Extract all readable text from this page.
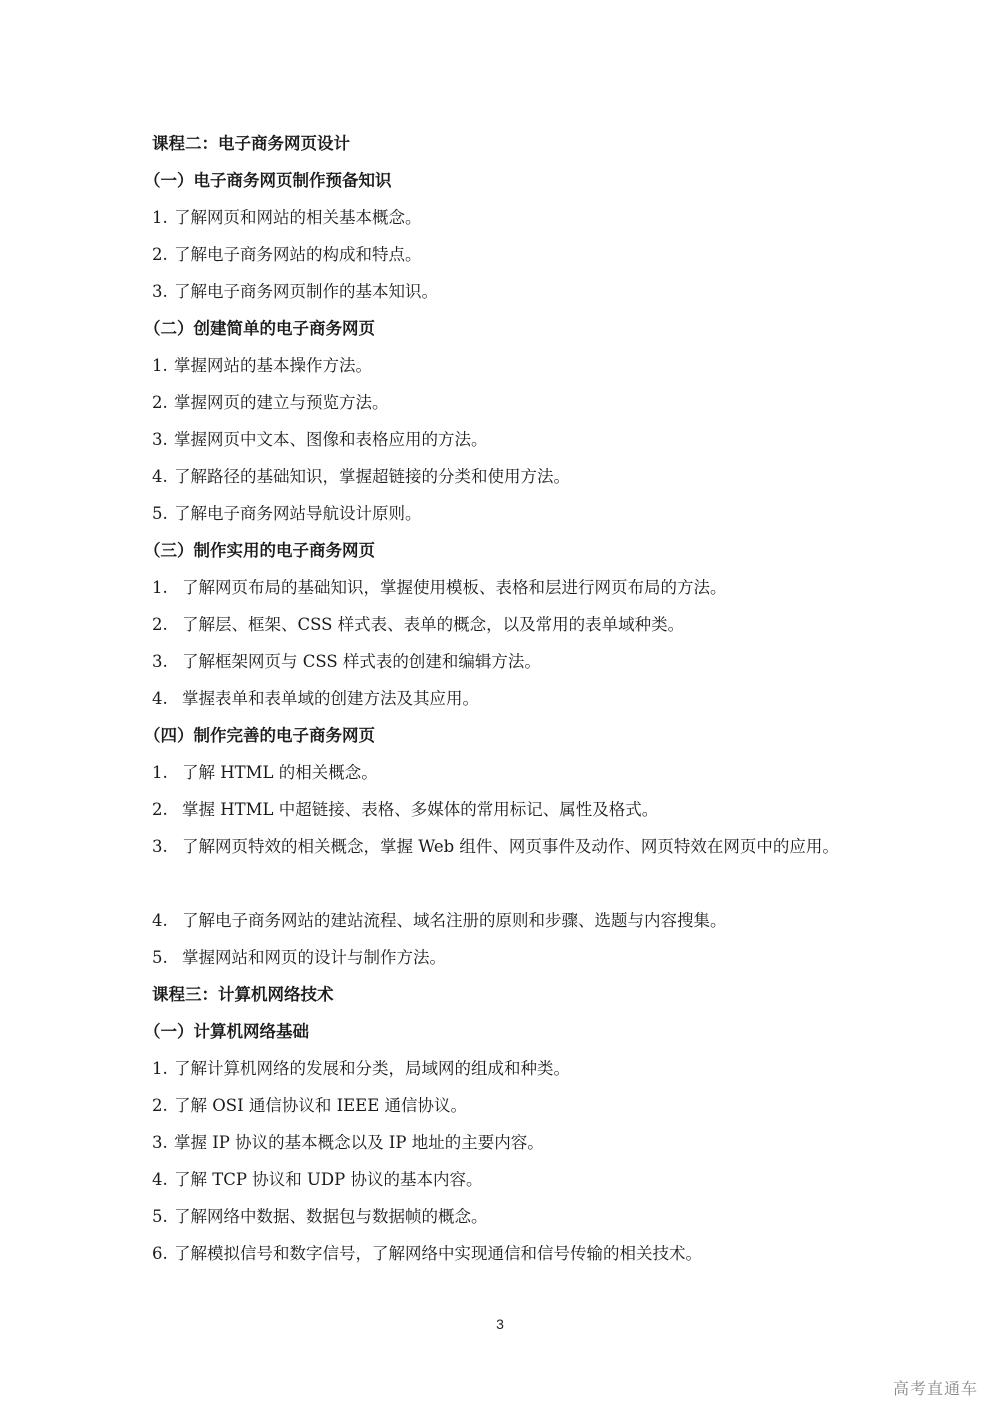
课程二：电子商务网页设计
（一）电子商务网页制作预备知识
1. 了解网页和网站的相关基本概念。
2. 了解电子商务网站的构成和特点。
3. 了解电子商务网页制作的基本知识。
（二）创建简单的电子商务网页
1. 掌握网站的基本操作方法。
2. 掌握网页的建立与预览方法。
3. 掌握网页中文本、图像和表格应用的方法。
4. 了解路径的基础知识，掌握超链接的分类和使用方法。
5. 了解电子商务网站导航设计原则。
（三）制作实用的电子商务网页
1. 了解网页布局的基础知识，掌握使用模板、表格和层进行网页布局的方法。
2. 了解层、框架、CSS 样式表、表单的概念，以及常用的表单域种类。
3. 了解框架网页与 CSS 样式表的创建和编辑方法。
4. 掌握表单和表单域的创建方法及其应用。
（四）制作完善的电子商务网页
1. 了解 HTML 的相关概念。
2. 掌握 HTML 中超链接、表格、多媒体的常用标记、属性及格式。
3. 了解网页特效的相关概念，掌握 Web 组件、网页事件及动作、网页特效在网页中的应用。
4. 了解电子商务网站的建站流程、域名注册的原则和步骤、选题与内容搜集。
5. 掌握网站和网页的设计与制作方法。
课程三：计算机网络技术
（一）计算机网络基础
1. 了解计算机网络的发展和分类，局域网的组成和种类。
2. 了解 OSI 通信协议和 IEEE 通信协议。
3. 掌握 IP 协议的基本概念以及 IP 地址的主要内容。
4. 了解 TCP 协议和 UDP 协议的基本内容。
5. 了解网络中数据、数据包与数据帧的概念。
6. 了解模拟信号和数字信号，了解网络中实现通信和信号传输的相关技术。
3
高考直通车
